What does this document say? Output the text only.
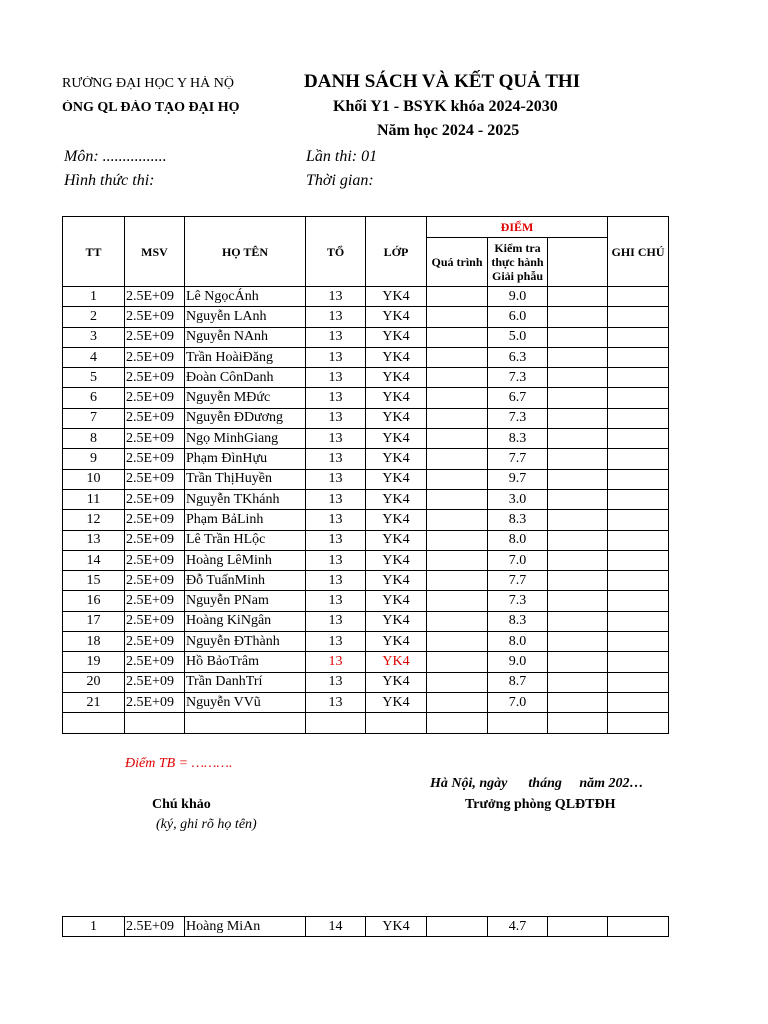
RƯỜNG ĐẠI HỌC Y HÀ NỘ
ÒNG QL ĐÀO TẠO ĐẠI HỌ
DANH SÁCH VÀ KẾT QUẢ THI
Khối Y1 - BSYK khóa 2024-2030
Năm học 2024 - 2025
Môn: ................
Hình thức thi:
Lần thi: 01
Thời gian:
TT	MSV	HỌ TÊN	TỔ	LỚP	ĐIỂM			GHI CHÚ
					Quá trình	Kiểm tra
thực hành
Giải phẫu		

1	2.5E+09	Lê NgọcÁnh	13	YK4		9.0		
2	2.5E+09	Nguyễn LAnh	13	YK4		6.0		
3	2.5E+09	Nguyễn NAnh	13	YK4		5.0		
4	2.5E+09	Trần HoàiĐăng	13	YK4		6.3		
5	2.5E+09	Đoàn CônDanh	13	YK4		7.3		
6	2.5E+09	Nguyễn MĐức	13	YK4		6.7		
7	2.5E+09	Nguyễn ĐDương	13	YK4		7.3		
8	2.5E+09	Ngọ MinhGiang	13	YK4		8.3		
9	2.5E+09	Phạm ĐìnHựu	13	YK4		7.7		
10	2.5E+09	Trần ThịHuyền	13	YK4		9.7		
11	2.5E+09	Nguyễn TKhánh	13	YK4		3.0		
12	2.5E+09	Phạm BảLinh	13	YK4		8.3		
13	2.5E+09	Lê Trần HLộc	13	YK4		8.0		
14	2.5E+09	Hoàng LêMinh	13	YK4		7.0		
15	2.5E+09	Đỗ TuấnMinh	13	YK4		7.7		
16	2.5E+09	Nguyễn PNam	13	YK4		7.3		
17	2.5E+09	Hoàng KiNgân	13	YK4		8.3		
18	2.5E+09	Nguyễn ĐThành	13	YK4		8.0		
19	2.5E+09	Hồ BảoTrâm	13	YK4		9.0		
20	2.5E+09	Trần DanhTrí	13	YK4		8.7		
21	2.5E+09	Nguyễn VVũ	13	YK4		7.0		

Điểm TB = ……….
Hà Nội, ngày      tháng     năm 202…
Chú khảo	Trưởng phòng QLĐTĐH
(ký, ghi rõ họ tên)
1	2.5E+09	Hoàng MiAn	14	YK4		4.7		
